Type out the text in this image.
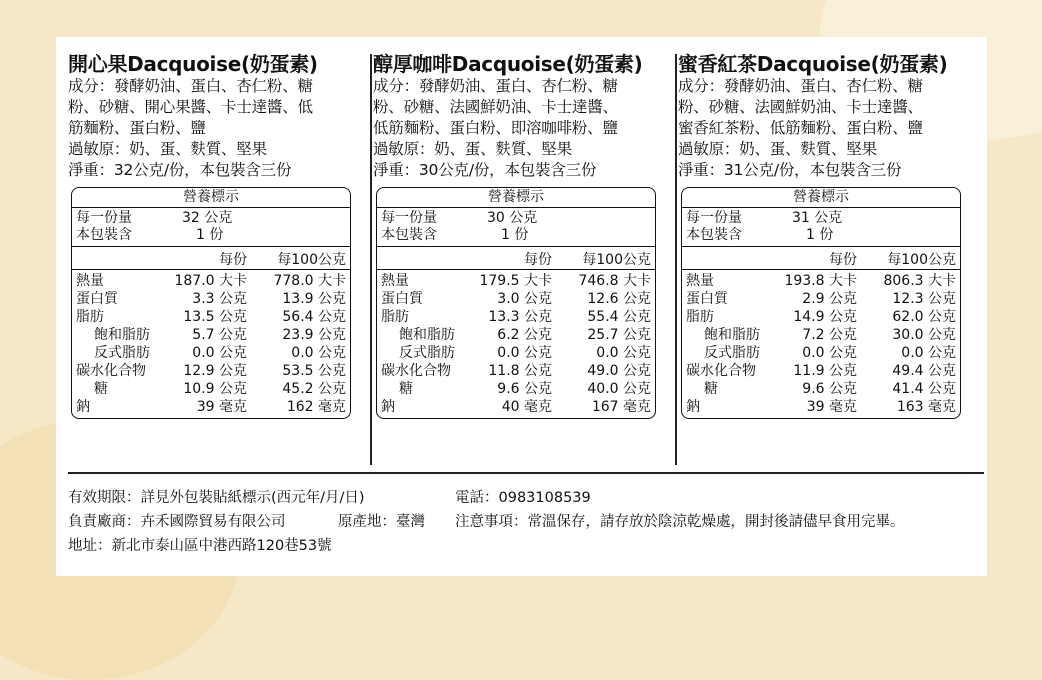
開心果Dacquoise(奶蛋素)
成分：發酵奶油、蛋白、杏仁粉、糖
粉、砂糖、開心果醬、卡士達醬、低
筋麵粉、蛋白粉、鹽
過敏原：奶、蛋、麩質、堅果
淨重：32公克/份，本包裝含三份
營養標示
每一份量	32 公克
本包裝含	1 份
每份 每100公克
熱量	187.0 大卡 778.0 大卡
蛋白質	3.3 公克	13.9 公克
脂肪	13.5 公克	56.4 公克
飽和脂肪	5.7 公克	23.9 公克
反式脂肪	0.0 公克	0.0 公克
碳水化合物	12.9 公克	53.5 公克
糖	10.9 公克	45.2 公克
鈉	39 毫克	162 毫克
醇厚咖啡Dacquoise(奶蛋素)
成分：發酵奶油、蛋白、杏仁粉、糖
粉、砂糖、法國鮮奶油、卡士達醬、
低筋麵粉、蛋白粉、即溶咖啡粉、鹽
過敏原：奶、蛋、麩質、堅果
淨重：30公克/份，本包裝含三份
營養標示
每一份量	30 公克
本包裝含	1 份
每份 每100公克
熱量	179.5 大卡 746.8 大卡
蛋白質	3.0 公克	12.6 公克
脂肪	13.3 公克	55.4 公克
飽和脂肪	6.2 公克	25.7 公克
反式脂肪	0.0 公克	0.0 公克
碳水化合物	11.8 公克	49.0 公克
糖	9.6 公克	40.0 公克
鈉	40 毫克	167 毫克
蜜香紅茶Dacquoise(奶蛋素)
成分：發酵奶油、蛋白、杏仁粉、糖
粉、砂糖、法國鮮奶油、卡士達醬、
蜜香紅茶粉、低筋麵粉、蛋白粉、鹽
過敏原：奶、蛋、麩質、堅果
淨重：31公克/份，本包裝含三份
營養標示
每一份量	31 公克
本包裝含	1 份
每份 每100公克
熱量	193.8 大卡 806.3 大卡
蛋白質	2.9 公克	12.3 公克
脂肪	14.9 公克	62.0 公克
飽和脂肪	7.2 公克	30.0 公克
反式脂肪	0.0 公克	0.0 公克
碳水化合物	11.9 公克	49.4 公克
糖	9.6 公克	41.4 公克
鈉	39 毫克	163 毫克
有效期限：詳見外包裝貼紙標示(西元年/月/日)	電話：0983108539
負責廠商：卉禾國際貿易有限公司	原產地：臺灣 注意事項：常溫保存，請存放於陰涼乾燥處，開封後請儘早食用完畢。
地址：新北市泰山區中港西路120巷53號
